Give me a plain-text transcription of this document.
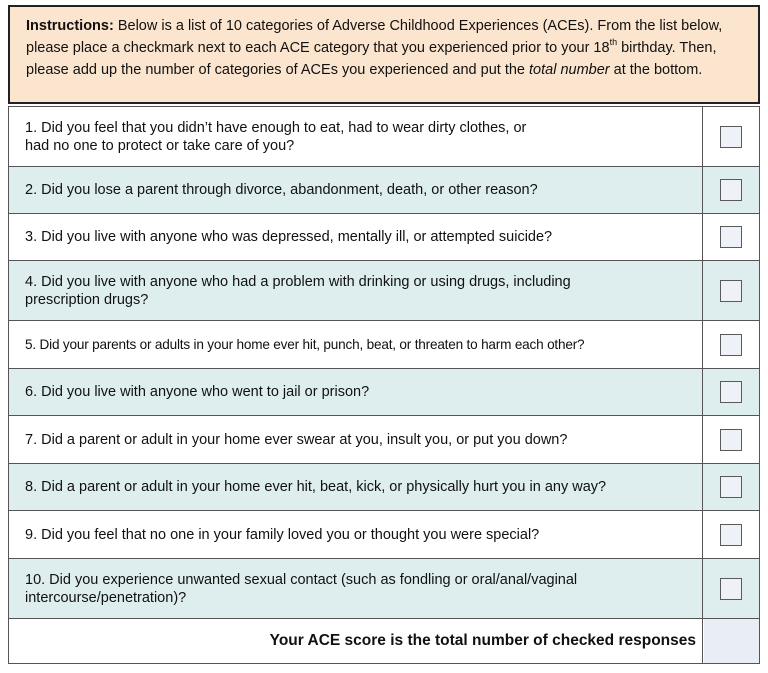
Instructions: Below is a list of 10 categories of Adverse Childhood Experiences (ACEs). From the list below, please place a checkmark next to each ACE category that you experienced prior to your 18th birthday. Then, please add up the number of categories of ACEs you experienced and put the total number at the bottom.
1. Did you feel that you didn’t have enough to eat, had to wear dirty clothes, or
had no one to protect or take care of you?
2. Did you lose a parent through divorce, abandonment, death, or other reason?
3. Did you live with anyone who was depressed, mentally ill, or attempted suicide?
4. Did you live with anyone who had a problem with drinking or using drugs, including
prescription drugs?
5. Did your parents or adults in your home ever hit, punch, beat, or threaten to harm each other?
6. Did you live with anyone who went to jail or prison?
7. Did a parent or adult in your home ever swear at you, insult you, or put you down?
8. Did a parent or adult in your home ever hit, beat, kick, or physically hurt you in any way?
9. Did you feel that no one in your family loved you or thought you were special?
10. Did you experience unwanted sexual contact (such as fondling or oral/anal/vaginal
intercourse/penetration)?
Your ACE score is the total number of checked responses
